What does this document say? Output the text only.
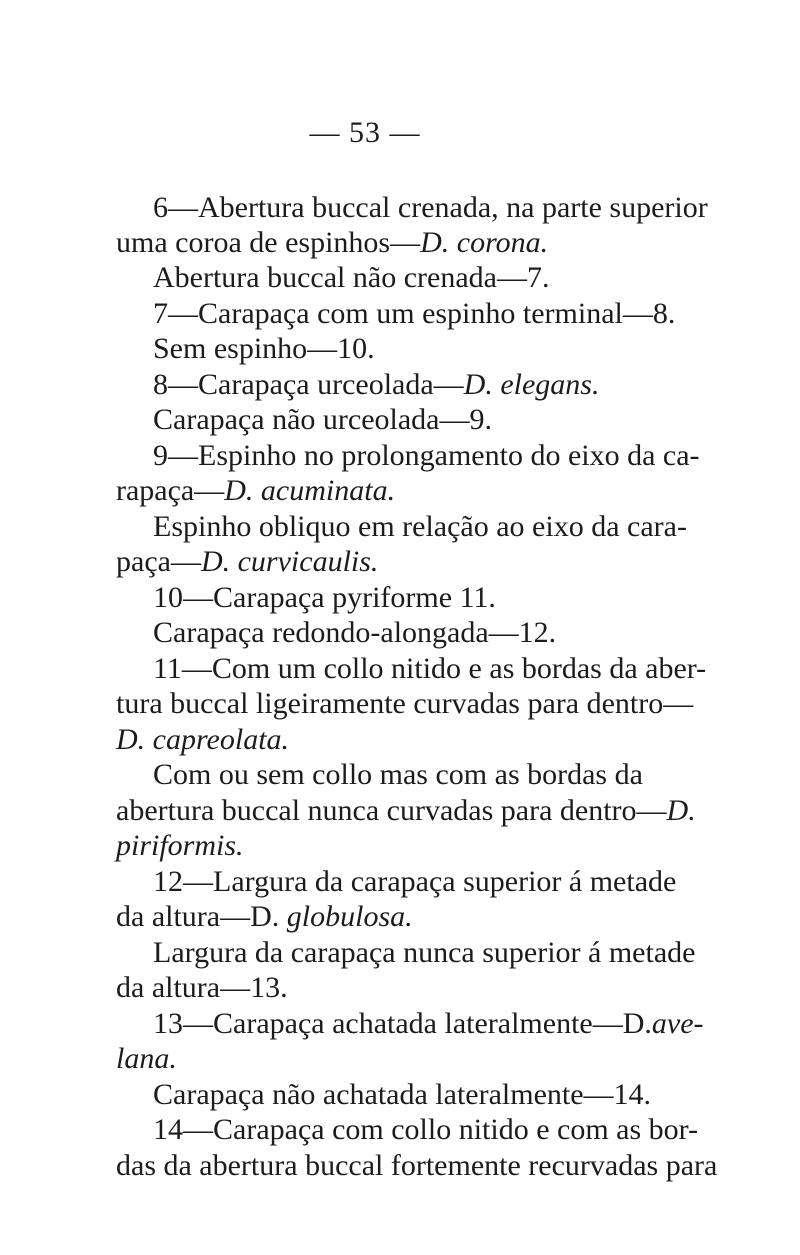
— 53 —
6—Abertura buccal crenada, na parte superior
uma coroa de espinhos—D. corona.
Abertura buccal não crenada—7.
7—Carapaça com um espinho terminal—8.
Sem espinho—10.
8—Carapaça urceolada—D. elegans.
Carapaça não urceolada—9.
9—Espinho no prolongamento do eixo da ca-
rapaça—D. acuminata.
Espinho obliquo em relação ao eixo da cara-
paça—D. curvicaulis.
10—Carapaça pyriforme 11.
Carapaça redondo-alongada—12.
11—Com um collo nitido e as bordas da aber-
tura buccal ligeiramente curvadas para dentro—
D. capreolata.
Com ou sem collo mas com as bordas da
abertura buccal nunca curvadas para dentro—D.
piriformis.
12—Largura da carapaça superior á metade
da altura—D. globulosa.
Largura da carapaça nunca superior á metade
da altura—13.
13—Carapaça achatada lateralmente—D.ave-
lana.
Carapaça não achatada lateralmente—14.
14—Carapaça com collo nitido e com as bor-
das da abertura buccal fortemente recurvadas para
